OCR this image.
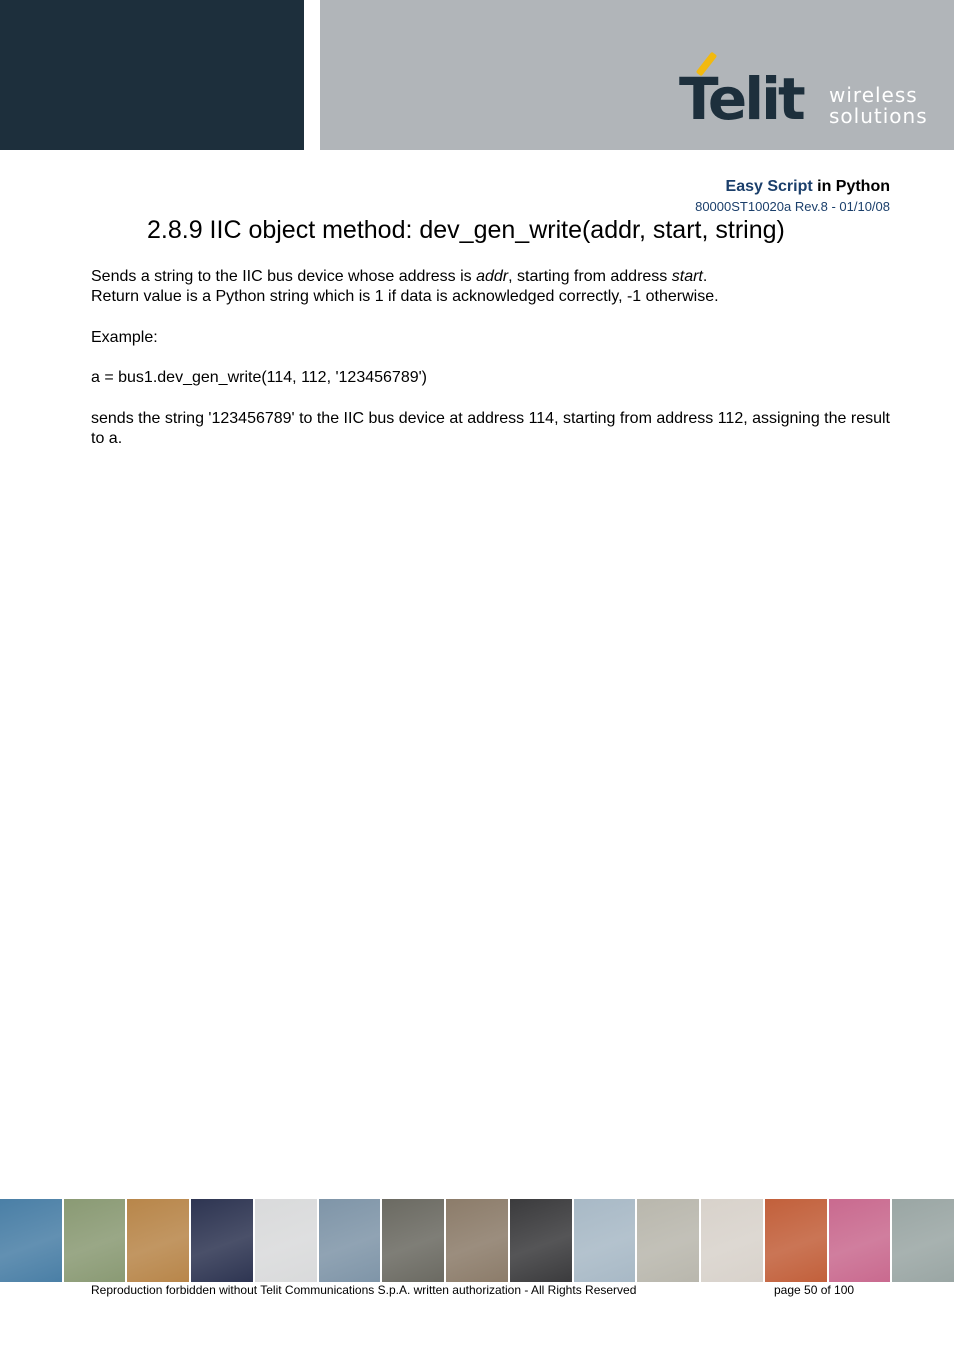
Telit wireless
solutions
Easy Script in Python
80000ST10020a Rev.8 - 01/10/08
2.8.9 IIC object method: dev_gen_write(addr, start, string)

Sends a string to the IIC bus device whose address is addr, starting from address start.
Return value is a Python string which is 1 if data is acknowledged correctly, -1 otherwise.

Example:

a = bus1.dev_gen_write(114, 112, '123456789')

sends the string '123456789' to the IIC bus device at address 114, starting from address 112, assigning the result to a.

Reproduction forbidden without Telit Communications S.p.A. written authorization - All Rights Reserved	page 50 of 100
